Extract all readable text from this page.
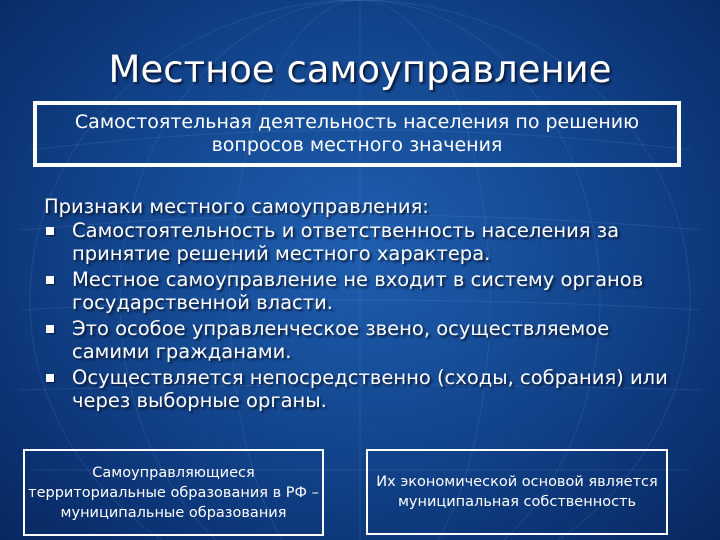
Местное самоуправление
Самостоятельная деятельность населения по решению вопросов местного значения
Признаки местного самоуправления:
Самостоятельность и ответственность населения за принятие решений местного характера.
Местное самоуправление не входит в систему органов государственной власти.
Это особое управленческое звено, осуществляемое самими гражданами.
Осуществляется непосредственно (сходы, собрания) или через выборные органы.
Самоуправляющиеся территориальные образования в РФ – муниципальные образования
Их экономической основой является муниципальная собственность
